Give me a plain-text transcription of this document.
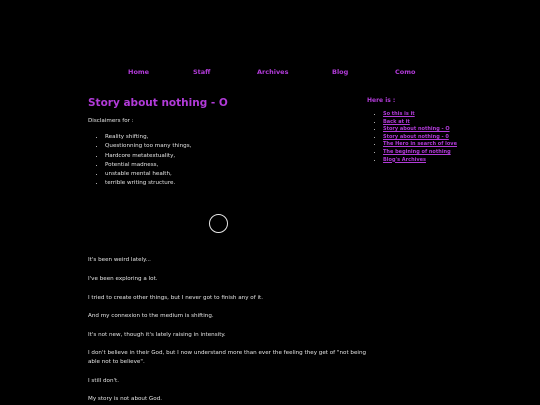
Home	Staff	Archives	Blog	Como
Story about nothing - O
Disclaimers for :
• Reality shifting,
• Questionning too many things,
• Hardcore metatextuality,
• Potential madness,
• unstable mental health,
• terrible writing structure.
It's been weird lately...
I've been exploring a lot.
I tried to create other things, but I never got to finish any of it.
And my connexion to the medium is shifting.
It's not new, though it's lately raising in intensity.
I don't believe in their God, but I now understand more than ever the feeling they get of "not being able not to believe".
I still don't.
My story is not about God.
Here is :
• So this is it
• Back at it
• Story about nothing - O
• Story about nothing - 0
• The Hero in search of love
• The begining of nothing
• Blog's Archives
